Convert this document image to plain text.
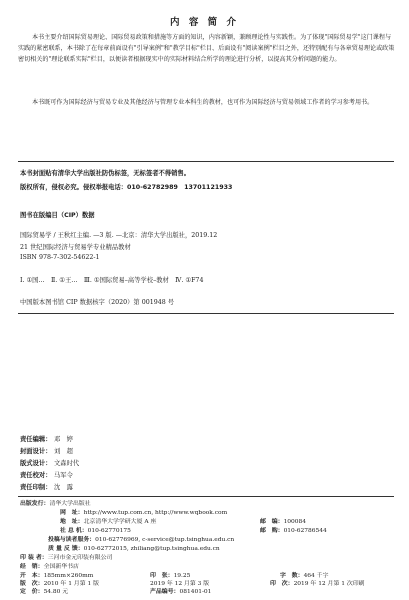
内 容 简 介

本书主要介绍国际贸易理论、国际贸易政策和措施等方面的知识，内容新颖，兼顾理论性与实践性。为了体现"国际贸易学"这门课程与实践的紧密联系，本书除了在每章前面设有"引导案例"和"教学目标"栏目、后面设有"阅读案例"栏目之外，还特别配有与各章贸易理论或政策密切相关的"理论联系实际"栏目，以便读者根据现实中的实际材料结合所学的理论进行分析，以提高其分析问题的能力。

本书既可作为国际经济与贸易专业及其他经济与管理专业本科生的教材，也可作为国际经济与贸易领域工作者的学习参考用书。

本书封面贴有清华大学出版社防伪标签，无标签者不得销售。
版权所有，侵权必究。侵权举报电话：010-62782989　13701121933
图书在版编目（CIP）数据
国际贸易学 / 王秋红主编. —3 版. —北京：清华大学出版社，2019.12
21 世纪国际经济与贸易学专业精品教材
ISBN 978-7-302-54622-1
Ⅰ. ①国…　Ⅱ. ①王…　Ⅲ. ①国际贸易–高等学校–教材　Ⅳ. ①F74
中国版本图书馆 CIP 数据核字（2020）第 001948 号
责任编辑： 邓　婷
封面设计： 刘　超
版式设计： 文森时代
责任校对： 马军令
责任印制： 沈　露
出版发行：清华大学出版社
网　址：http://www.tup.com.cn, http://www.wqbook.com
地　址：北京清华大学学研大厦 A 座	邮　编：100084
社 总 机：010-62770175	邮　购：010-62786544
投稿与读者服务：010-62776969, c-service@tup.tsinghua.edu.cn
质 量 反 馈：010-62772015, zhiliang@tup.tsinghua.edu.cn
印 装 者：三河市金元印装有限公司
经　销：全国新华书店
开　本：185mm×260mm	印　张：19.25	字　数：464 千字
版　次：2010 年 1 月第 1 版	2019 年 12 月第 3 版	印　次：2019 年 12 月第 1 次印刷
定　价：54.80 元	产品编号：081401-01
